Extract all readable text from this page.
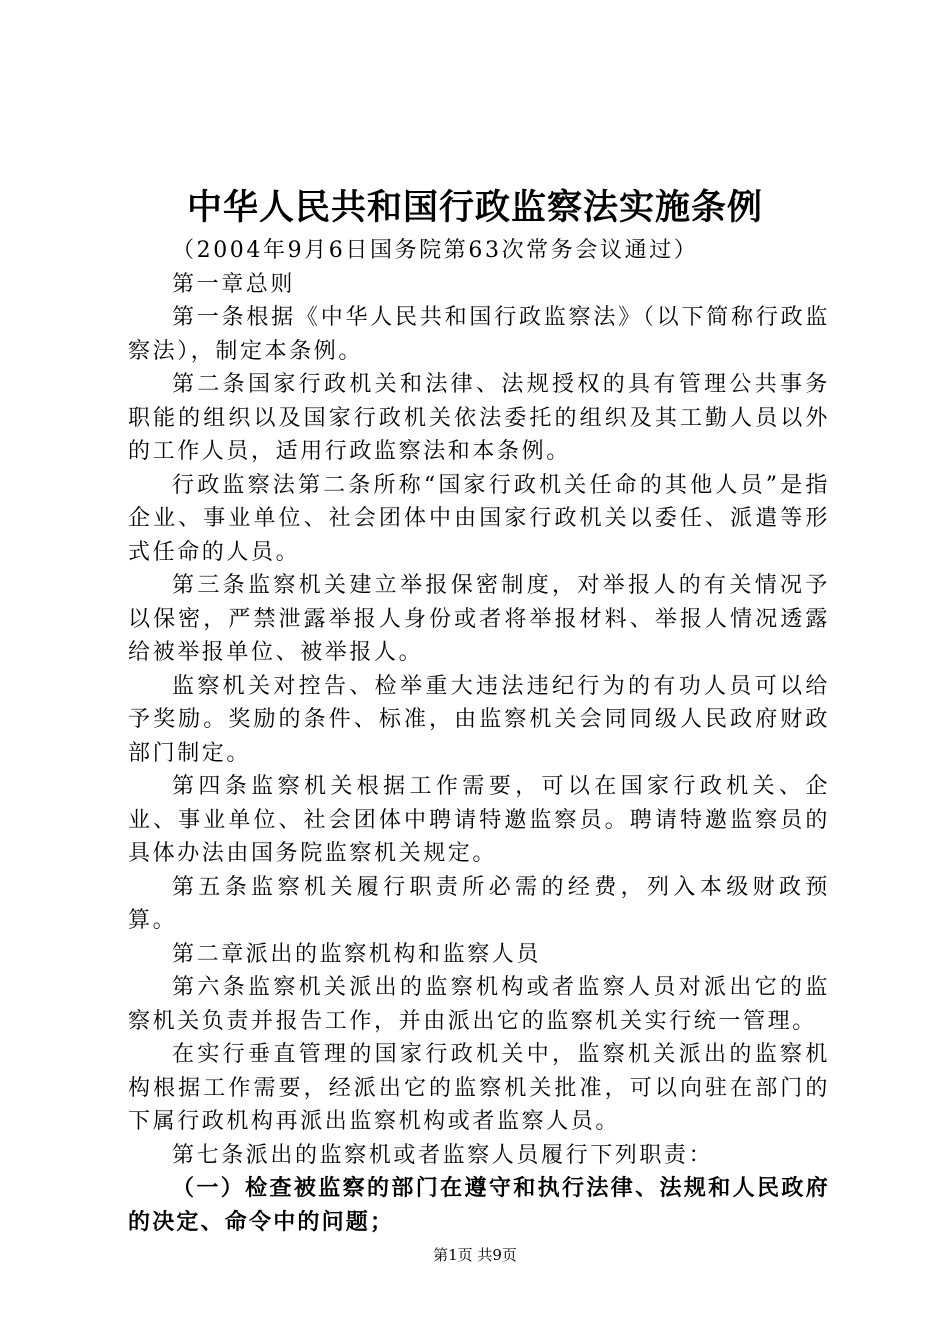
中华人民共和国行政监察法实施条例

（2004年9月6日国务院第63次常务会议通过）

第一章总则

第一条根据《中华人民共和国行政监察法》（以下简称行政监察法），制定本条例。

第二条国家行政机关和法律、法规授权的具有管理公共事务职能的组织以及国家行政机关依法委托的组织及其工勤人员以外的工作人员，适用行政监察法和本条例。

行政监察法第二条所称“国家行政机关任命的其他人员”是指企业、事业单位、社会团体中由国家行政机关以委任、派遣等形式任命的人员。

第三条监察机关建立举报保密制度，对举报人的有关情况予以保密，严禁泄露举报人身份或者将举报材料、举报人情况透露给被举报单位、被举报人。

监察机关对控告、检举重大违法违纪行为的有功人员可以给予奖励。奖励的条件、标准，由监察机关会同同级人民政府财政部门制定。

第四条监察机关根据工作需要，可以在国家行政机关、企业、事业单位、社会团体中聘请特邀监察员。聘请特邀监察员的具体办法由国务院监察机关规定。

第五条监察机关履行职责所必需的经费，列入本级财政预算。

第二章派出的监察机构和监察人员

第六条监察机关派出的监察机构或者监察人员对派出它的监察机关负责并报告工作，并由派出它的监察机关实行统一管理。

在实行垂直管理的国家行政机关中，监察机关派出的监察机构根据工作需要，经派出它的监察机关批准，可以向驻在部门的下属行政机构再派出监察机构或者监察人员。

第七条派出的监察机或者监察人员履行下列职责：

（一）检查被监察的部门在遵守和执行法律、法规和人民政府的决定、命令中的问题；

第1页 共9页
